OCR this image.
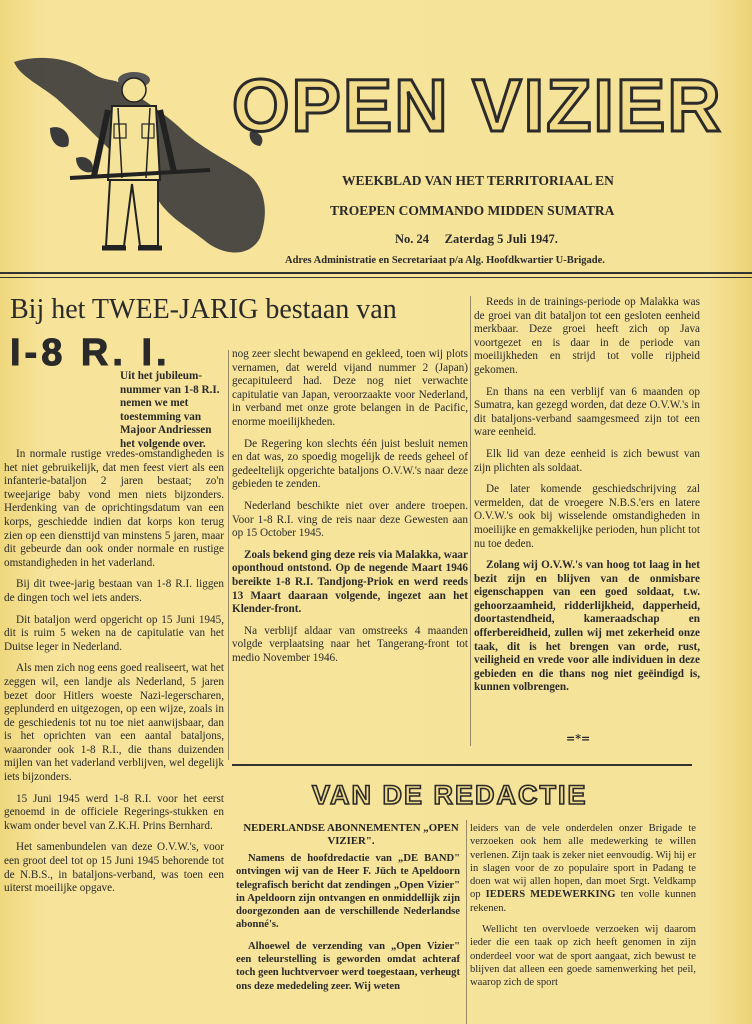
OPEN VIZIER
WEEKBLAD VAN HET TERRITORIAAL EN
TROEPEN COMMANDO MIDDEN SUMATRA
No. 24     Zaterdag 5 Juli 1947.
Adres Administratie en Secretariaat p/a Alg. Hoofdkwartier U-Brigade.
Bij het TWEE-JARIG bestaan van
I-8 R. I.
Uit het jubileum-nummer van 1-8 R.I. nemen we met toestemming van Majoor Andriessen het volgende over.

In normale rustige vredes-omstandigheden is het niet gebruikelijk, dat men feest viert als een infanterie-bataljon 2 jaren bestaat; zo'n tweejarige baby vond men niets bijzonders. Herdenking van de oprichtingsdatum van een korps, geschiedde indien dat korps kon terug zien op een diensttijd van minstens 5 jaren, maar dit gebeurde dan ook onder normale en rustige omstandigheden in het vaderland.

Bij dit twee-jarig bestaan van 1-8 R.I. liggen de dingen toch wel iets anders.

Dit bataljon werd opgericht op 15 Juni 1945, dit is ruim 5 weken na de capitulatie van het Duitse leger in Nederland.

Als men zich nog eens goed realiseert, wat het zeggen wil, een landje als Nederland, 5 jaren bezet door Hitlers woeste Nazi-legerscharen, geplunderd en uitgezogen, op een wijze, zoals in de geschiedenis tot nu toe niet aanwijsbaar, dan is het oprichten van een aantal bataljons, waaronder ook 1-8 R.I., die thans duizenden mijlen van het vaderland verblijven, wel degelijk iets bijzonders.

15 Juni 1945 werd 1-8 R.I. voor het eerst genoemd in de officiele Regerings-stukken en kwam onder bevel van Z.K.H. Prins Bernhard.

Het samenbundelen van deze O.V.W.'s, voor een groot deel tot op 15 Juni 1945 behorende tot de N.B.S., in bataljons-verband, was toen een uiterst moeilijke opgave.

nog zeer slecht bewapend en gekleed, toen wij plots vernamen, dat wereld vijand nummer 2 (Japan) gecapituleerd had. Deze nog niet verwachte capitulatie van Japan, veroorzaakte voor Nederland, in verband met onze grote belangen in de Pacific, enorme moeilijkheden.

De Regering kon slechts één juist besluit nemen en dat was, zo spoedig mogelijk de reeds geheel of gedeeltelijk opgerichte bataljons O.V.W.'s naar deze gebieden te zenden.

Nederland beschikte niet over andere troepen. Voor 1-8 R.I. ving de reis naar deze Gewesten aan op 15 October 1945.

Zoals bekend ging deze reis via Malakka, waar oponthoud ontstond. Op de negende Maart 1946 bereikte 1-8 R.I. Tandjong-Priok en werd reeds 13 Maart daaraan volgende, ingezet aan het Klender-front.

Na verblijf aldaar van omstreeks 4 maanden volgde verplaatsing naar het Tangerang-front tot medio November 1946.

Reeds in de trainings-periode op Malakka was de groei van dit bataljon tot een gesloten eenheid merkbaar. Deze groei heeft zich op Java voortgezet en is daar in de periode van moeilijkheden en strijd tot volle rijpheid gekomen.

En thans na een verblijf van 6 maanden op Sumatra, kan gezegd worden, dat deze O.V.W.'s in dit bataljons-verband saamgesmeed zijn tot een ware eenheid.

Elk lid van deze eenheid is zich bewust van zijn plichten als soldaat.

De later komende geschiedschrijving zal vermelden, dat de vroegere N.B.S.'ers en latere O.V.W.'s ook bij wisselende omstandigheden in moeilijke en gemakkelijke perioden, hun plicht tot nu toe deden.

Zolang wij O.V.W.'s van hoog tot laag in het bezit zijn en blijven van de onmisbare eigenschappen van een goed soldaat, t.w. gehoorzaamheid, ridderlijkheid, dapperheid, doortastendheid, kameraadschap en offerbereidheid, zullen wij met zekerheid onze taak, dit is het brengen van orde, rust, veiligheid en vrede voor alle individuen in deze gebieden en die thans nog niet geëindigd is, kunnen volbrengen.

=*=
VAN DE REDACTIE
NEDERLANDSE ABONNEMENTEN „OPEN VIZIER".

Namens de hoofdredactie van „DE BAND" ontvingen wij van de Heer F. Jüch te Apeldoorn telegrafisch bericht dat zendingen „Open Vizier" in Apeldoorn zijn ontvangen en onmiddellijk zijn doorgezonden aan de verschillende Nederlandse abonné's.

Alhoewel de verzending van „Open Vizier" een teleurstelling is geworden omdat achteraf toch geen luchtvervoer werd toegestaan, verheugt ons deze mededeling zeer. Wij weten

leiders van de vele onderdelen onzer Brigade te verzoeken ook hem alle medewerking te willen verlenen. Zijn taak is zeker niet eenvoudig. Wij hij er in slagen voor de zo populaire sport in Padang te doen wat wij allen hopen, dan moet Srgt. Veldkamp op IEDERS MEDEWERKING ten volle kunnen rekenen.

Wellicht ten overvloede verzoeken wij daarom ieder die een taak op zich heeft genomen in zijn onderdeel voor wat de sport aangaat, zich bewust te blijven dat alleen een goede samenwerking het peil, waarop zich de sport
